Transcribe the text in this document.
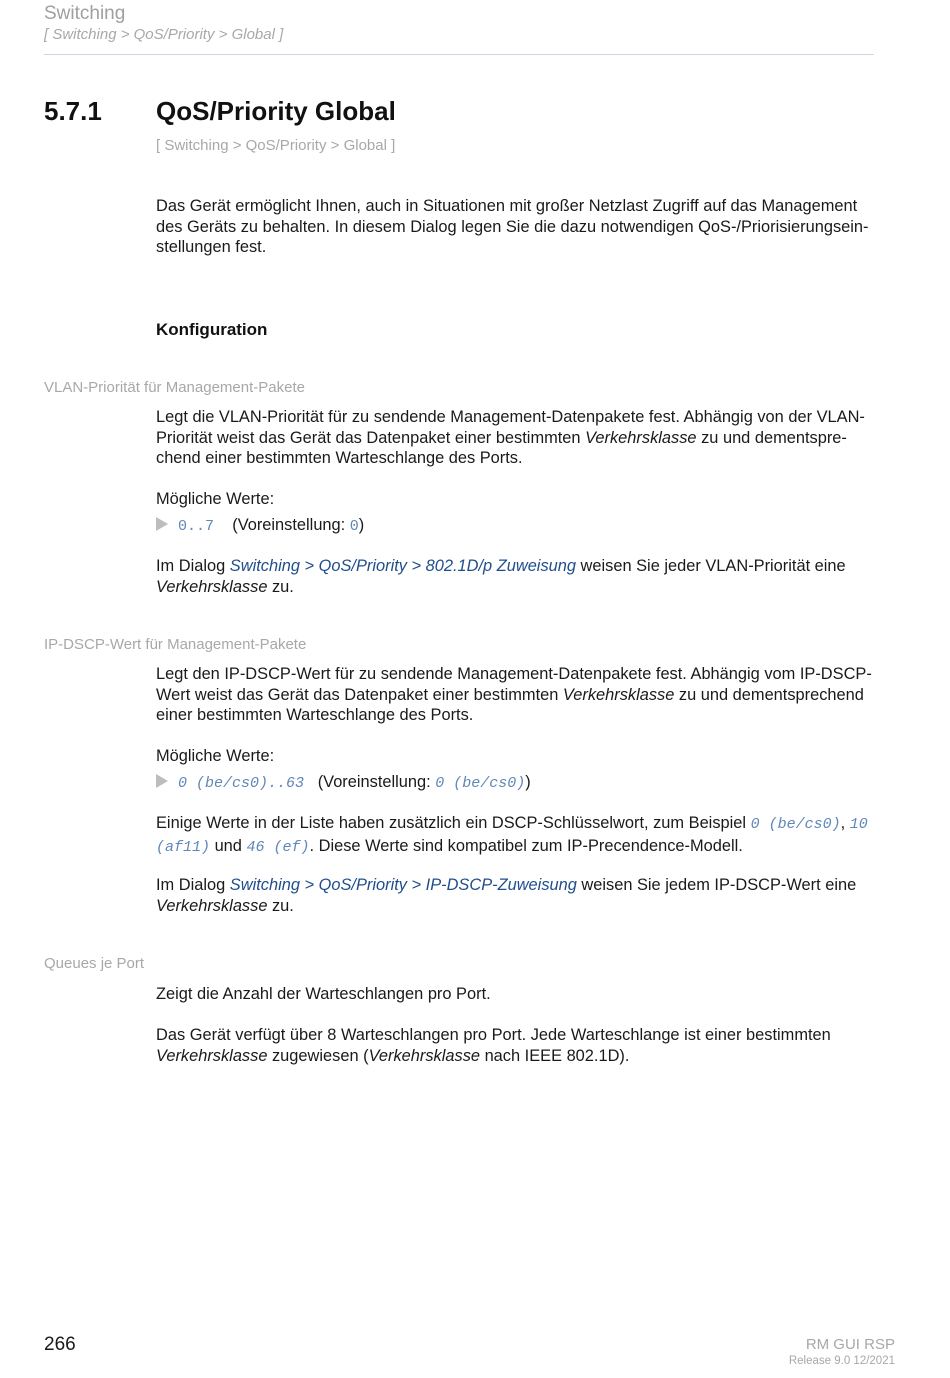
Switching
[ Switching > QoS/Priority > Global ]
5.7.1 QoS/Priority Global
[ Switching > QoS/Priority > Global ]

Das Gerät ermöglicht Ihnen, auch in Situationen mit großer Netzlast Zugriff auf das Management

des Geräts zu behalten. In diesem Dialog legen Sie die dazu notwendigen QoS-/Priorisierungsein-

stellungen fest.

Konfiguration
VLAN-Priorität für Management-Pakete

Legt die VLAN-Priorität für zu sendende Management-Datenpakete fest. Abhängig von der VLAN-

Priorität weist das Gerät das Datenpaket einer bestimmten Verkehrsklasse zu und dementspre-

chend einer bestimmten Warteschlange des Ports.

Mögliche Werte:
0..7 (Voreinstellung: 0)

Im Dialog Switching > QoS/Priority > 802.1D/p Zuweisung weisen Sie jeder VLAN-Priorität eine

Verkehrsklasse zu.

IP-DSCP-Wert für Management-Pakete

Legt den IP-DSCP-Wert für zu sendende Management-Datenpakete fest. Abhängig vom IP-DSCP-

Wert weist das Gerät das Datenpaket einer bestimmten Verkehrsklasse zu und dementsprechend

einer bestimmten Warteschlange des Ports.

Mögliche Werte:
0 (be/cs0)..63 (Voreinstellung: 0 (be/cs0))

Einige Werte in der Liste haben zusätzlich ein DSCP-Schlüsselwort, zum Beispiel 0 (be/cs0), 10

(af11) und 46 (ef). Diese Werte sind kompatibel zum IP-Precendence-Modell.

Im Dialog Switching > QoS/Priority > IP-DSCP-Zuweisung weisen Sie jedem IP-DSCP-Wert eine

Verkehrsklasse zu.

Queues je Port
Zeigt die Anzahl der Warteschlangen pro Port.

Das Gerät verfügt über 8 Warteschlangen pro Port. Jede Warteschlange ist einer bestimmten

Verkehrsklasse zugewiesen (Verkehrsklasse nach IEEE 802.1D).

266	RM GUI RSP
Release 9.0 12/2021
